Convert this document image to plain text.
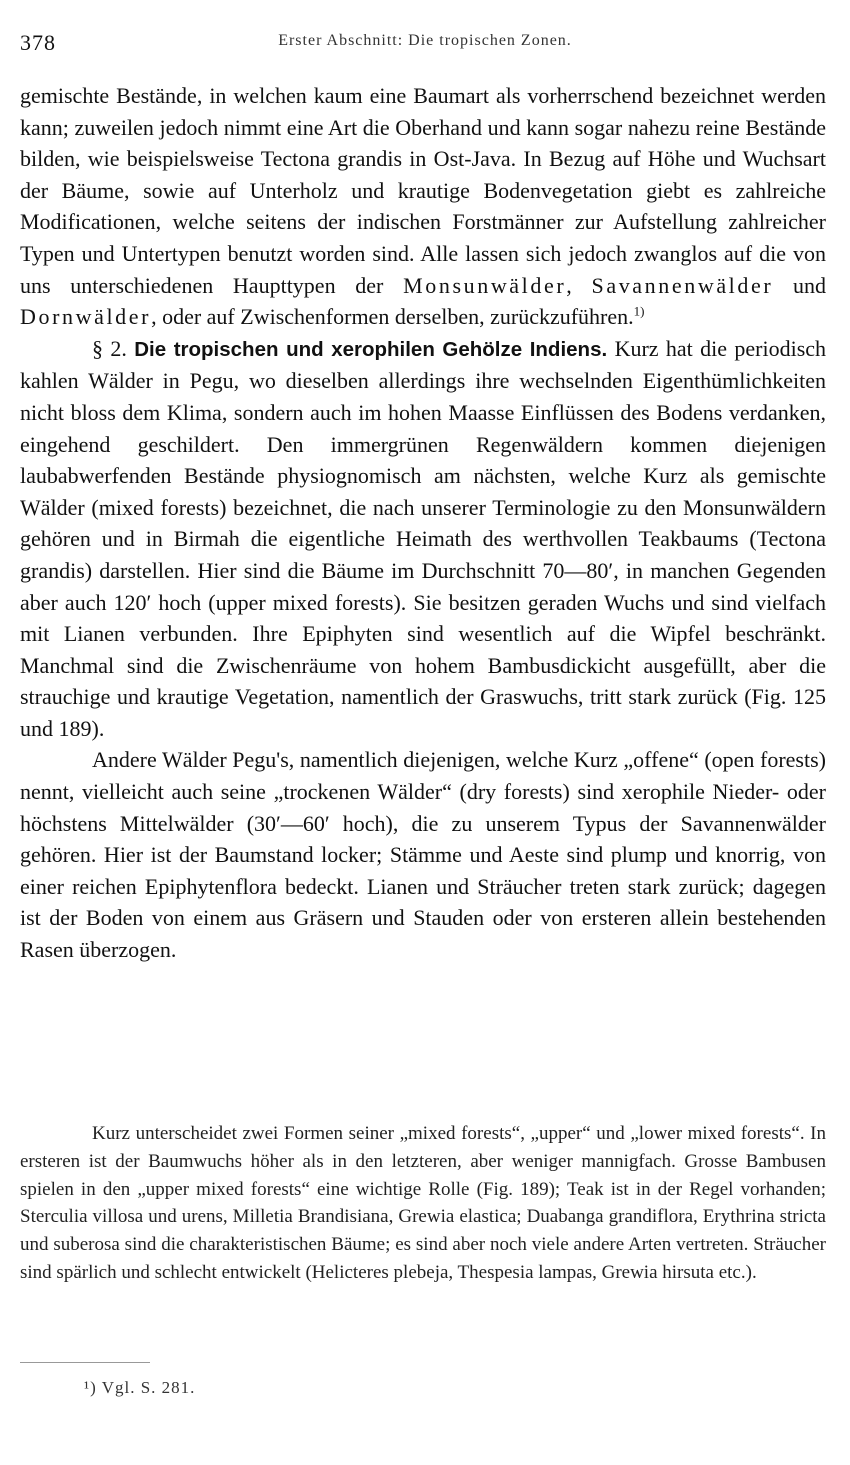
378	Erster Abschnitt: Die tropischen Zonen.

gemischte Bestände, in welchen kaum eine Baumart als vorherrschend bezeichnet werden kann; zuweilen jedoch nimmt eine Art die Oberhand und kann sogar nahezu reine Bestände bilden, wie beispielsweise Tectona grandis in Ost-Java. In Bezug auf Höhe und Wuchsart der Bäume, sowie auf Unterholz und krautige Bodenvegetation giebt es zahlreiche Modificationen, welche seitens der indischen Forstmänner zur Aufstellung zahlreicher Typen und Untertypen benutzt worden sind. Alle lassen sich jedoch zwanglos auf die von uns unterschiedenen Haupttypen der Monsunwälder, Savannenwälder und Dornwälder, oder auf Zwischenformen derselben, zurückzuführen.$^{1)}$

§ 2. Die tropischen und xerophilen Gehölze Indiens. Kurz hat die periodisch kahlen Wälder in Pegu, wo dieselben allerdings ihre wechselnden Eigenthümlichkeiten nicht bloss dem Klima, sondern auch im hohen Maasse Einflüssen des Bodens verdanken, eingehend geschildert. Den immergrünen Regenwäldern kommen diejenigen laubabwerfenden Bestände physiognomisch am nächsten, welche Kurz als gemischte Wälder (mixed forests) bezeichnet, die nach unserer Terminologie zu den Monsunwäldern gehören und in Birmah die eigentliche Heimath des werthvollen Teakbaums (Tectona grandis) darstellen. Hier sind die Bäume im Durchschnitt 70—80′, in manchen Gegenden aber auch 120′ hoch (upper mixed forests). Sie besitzen geraden Wuchs und sind vielfach mit Lianen verbunden. Ihre Epiphyten sind wesentlich auf die Wipfel beschränkt. Manchmal sind die Zwischenräume von hohem Bambusdickicht ausgefüllt, aber die strauchige und krautige Vegetation, namentlich der Graswuchs, tritt stark zurück (Fig. 125 und 189).

Andere Wälder Pegu's, namentlich diejenigen, welche Kurz „offene“ (open forests) nennt, vielleicht auch seine „trockenen Wälder“ (dry forests) sind xerophile Nieder- oder höchstens Mittelwälder (30′—60′ hoch), die zu unserem Typus der Savannenwälder gehören. Hier ist der Baumstand locker; Stämme und Aeste sind plump und knorrig, von einer reichen Epiphytenflora bedeckt. Lianen und Sträucher treten stark zurück; dagegen ist der Boden von einem aus Gräsern und Stauden oder von ersteren allein bestehenden Rasen überzogen.

Kurz unterscheidet zwei Formen seiner „mixed forests“, „upper“ und „lower mixed forests“. In ersteren ist der Baumwuchs höher als in den letzteren, aber weniger mannigfach. Grosse Bambusen spielen in den „upper mixed forests“ eine wichtige Rolle (Fig. 189); Teak ist in der Regel vorhanden; Sterculia villosa und urens, Milletia Brandisiana, Grewia elastica; Duabanga grandiflora, Erythrina stricta und suberosa sind die charakteristischen Bäume; es sind aber noch viele andere Arten vertreten. Sträucher sind spärlich und schlecht entwickelt (Helicteres plebeja, Thespesia lampas, Grewia hirsuta etc.).

¹) Vgl. S. 281.
